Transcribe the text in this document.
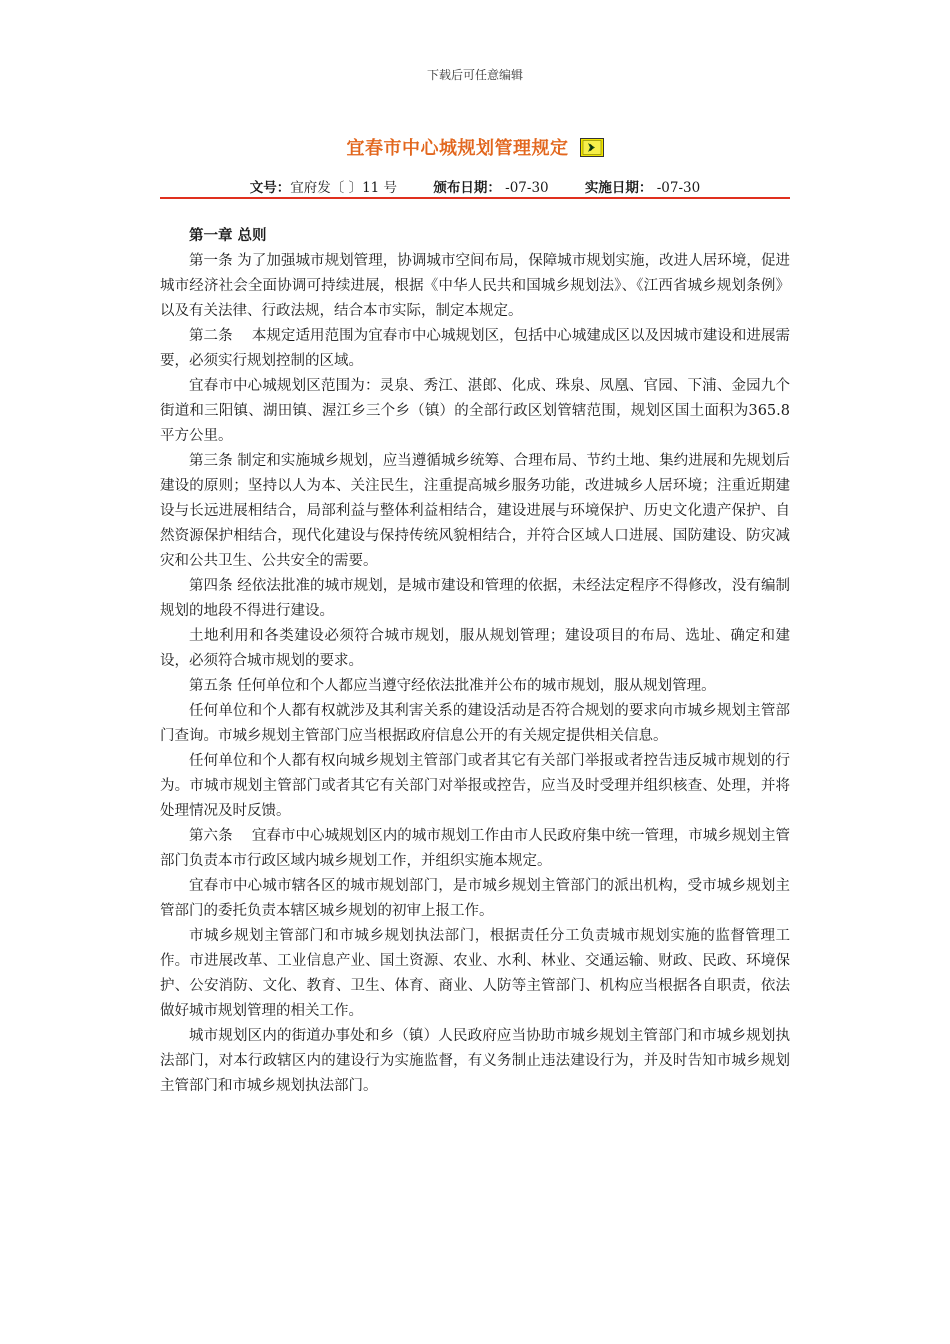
下载后可任意编辑
宜春市中心城规划管理规定
文号：宜府发〔 〕11 号	颁布日期： -07-30	实施日期： -07-30
第一章 总则

第一条 为了加强城市规划管理，协调城市空间布局，保障城市规划实施，改进人居环境，促进城市经济社会全面协调可持续进展，根据《中华人民共和国城乡规划法》、《江西省城乡规划条例》以及有关法律、行政法规，结合本市实际，制定本规定。

第二条　 本规定适用范围为宜春市中心城规划区，包括中心城建成区以及因城市建设和进展需要，必须实行规划控制的区域。

宜春市中心城规划区范围为：灵泉、秀江、湛郎、化成、珠泉、凤凰、官园、下浦、金园九个街道和三阳镇、湖田镇、渥江乡三个乡（镇）的全部行政区划管辖范围，规划区国土面积为365.8平方公里。

第三条 制定和实施城乡规划，应当遵循城乡统筹、合理布局、节约土地、集约进展和先规划后建设的原则；坚持以人为本、关注民生，注重提高城乡服务功能，改进城乡人居环境；注重近期建设与长远进展相结合，局部利益与整体利益相结合，建设进展与环境保护、历史文化遗产保护、自然资源保护相结合，现代化建设与保持传统风貌相结合，并符合区域人口进展、国防建设、防灾减灾和公共卫生、公共安全的需要。

第四条 经依法批准的城市规划，是城市建设和管理的依据，未经法定程序不得修改，没有编制规划的地段不得进行建设。

土地利用和各类建设必须符合城市规划，服从规划管理；建设项目的布局、选址、确定和建设，必须符合城市规划的要求。

第五条 任何单位和个人都应当遵守经依法批准并公布的城市规划，服从规划管理。

任何单位和个人都有权就涉及其利害关系的建设活动是否符合规划的要求向市城乡规划主管部门查询。市城乡规划主管部门应当根据政府信息公开的有关规定提供相关信息。

任何单位和个人都有权向城乡规划主管部门或者其它有关部门举报或者控告违反城市规划的行为。市城市规划主管部门或者其它有关部门对举报或控告，应当及时受理并组织核查、处理，并将处理情况及时反馈。

第六条　 宜春市中心城规划区内的城市规划工作由市人民政府集中统一管理，市城乡规划主管部门负责本市行政区域内城乡规划工作，并组织实施本规定。

宜春市中心城市辖各区的城市规划部门，是市城乡规划主管部门的派出机构，受市城乡规划主管部门的委托负责本辖区城乡规划的初审上报工作。

市城乡规划主管部门和市城乡规划执法部门，根据责任分工负责城市规划实施的监督管理工作。市进展改革、工业信息产业、国土资源、农业、水利、林业、交通运输、财政、民政、环境保护、公安消防、文化、教育、卫生、体育、商业、人防等主管部门、机构应当根据各自职责，依法做好城市规划管理的相关工作。

城市规划区内的街道办事处和乡（镇）人民政府应当协助市城乡规划主管部门和市城乡规划执法部门，对本行政辖区内的建设行为实施监督，有义务制止违法建设行为，并及时告知市城乡规划主管部门和市城乡规划执法部门。
